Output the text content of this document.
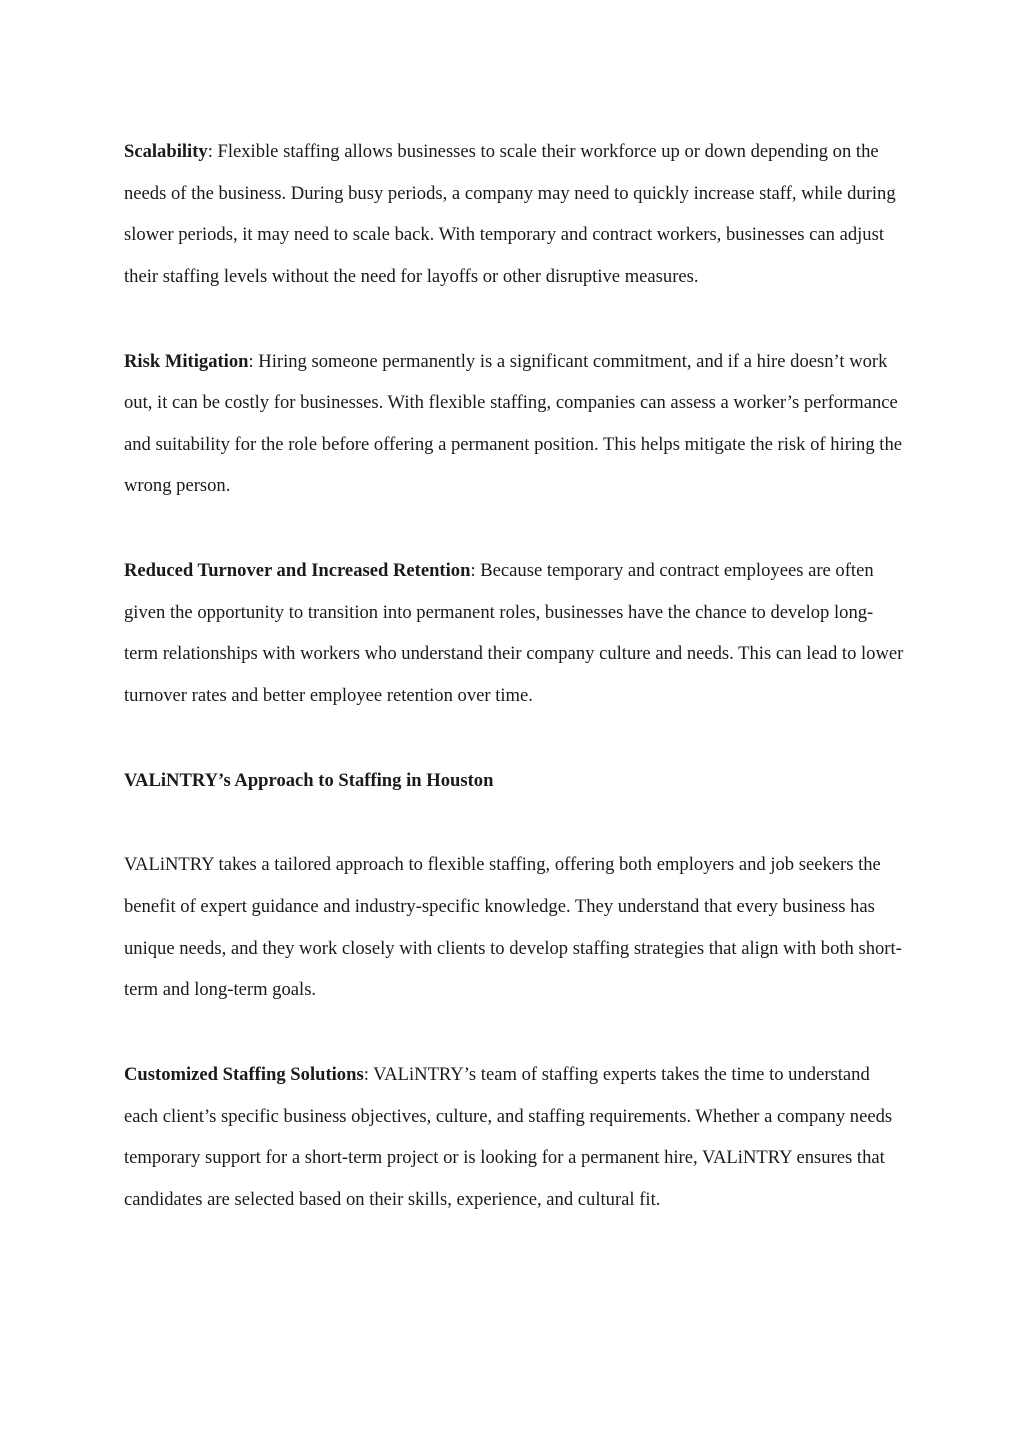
Scalability: Flexible staffing allows businesses to scale their workforce up or down depending on the needs of the business. During busy periods, a company may need to quickly increase staff, while during slower periods, it may need to scale back. With temporary and contract workers, businesses can adjust their staffing levels without the need for layoffs or other disruptive measures.

Risk Mitigation: Hiring someone permanently is a significant commitment, and if a hire doesn’t work out, it can be costly for businesses. With flexible staffing, companies can assess a worker’s performance and suitability for the role before offering a permanent position. This helps mitigate the risk of hiring the wrong person.

Reduced Turnover and Increased Retention: Because temporary and contract employees are often given the opportunity to transition into permanent roles, businesses have the chance to develop long-term relationships with workers who understand their company culture and needs. This can lead to lower turnover rates and better employee retention over time.

VALiNTRY’s Approach to Staffing in Houston

VALiNTRY takes a tailored approach to flexible staffing, offering both employers and job seekers the benefit of expert guidance and industry-specific knowledge. They understand that every business has unique needs, and they work closely with clients to develop staffing strategies that align with both short-term and long-term goals.

Customized Staffing Solutions: VALiNTRY’s team of staffing experts takes the time to understand each client’s specific business objectives, culture, and staffing requirements. Whether a company needs temporary support for a short-term project or is looking for a permanent hire, VALiNTRY ensures that candidates are selected based on their skills, experience, and cultural fit.
